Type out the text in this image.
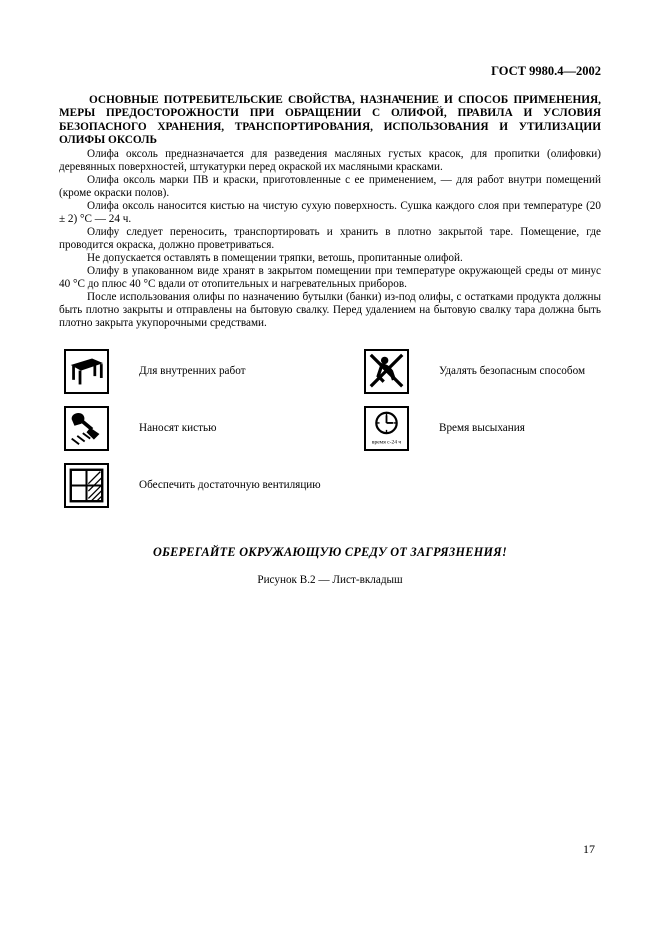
ГОСТ 9980.4—2002

ОСНОВНЫЕ ПОТРЕБИТЕЛЬСКИЕ СВОЙСТВА, НАЗНАЧЕНИЕ И СПОСОБ ПРИМЕНЕНИЯ, МЕРЫ ПРЕДОСТОРОЖНОСТИ ПРИ ОБРАЩЕНИИ С ОЛИФОЙ, ПРАВИЛА И УСЛОВИЯ БЕЗОПАСНОГО ХРАНЕНИЯ, ТРАНСПОРТИРОВАНИЯ, ИСПОЛЬЗОВАНИЯ И УТИЛИЗАЦИИ ОЛИФЫ ОКСОЛЬ

Олифа оксоль предназначается для разведения масляных густых красок, для пропитки (олифовки) деревянных поверхностей, штукатурки перед окраской их масляными красками.

Олифа оксоль марки ПВ и краски, приготовленные с ее применением, — для работ внутри помещений (кроме окраски полов).

Олифа оксоль наносится кистью на чистую сухую поверхность. Сушка каждого слоя при температуре (20 ± 2) °С — 24 ч.

Олифу следует переносить, транспортировать и хранить в плотно закрытой таре. Помещение, где проводится окраска, должно проветриваться.

Не допускается оставлять в помещении тряпки, ветошь, пропитанные олифой.

Олифу в упакованном виде хранят в закрытом помещении при температуре окружающей среды от минус 40 °С до плюс 40 °С вдали от отопительных и нагревательных приборов.

После использования олифы по назначению бутылки (банки) из-под олифы, с остатками продукта должны быть плотно закрыты и отправлены на бытовую свалку. Перед удалением на бытовую свалку тара должна быть плотно закрыта укупорочными средствами.

Для внутренних работ	Удалять безопасным способом
Наносят кистью
время с-24 ч
Время высыхания
Обеспечить достаточную вентиляцию

ОБЕРЕГАЙТЕ ОКРУЖАЮЩУЮ СРЕДУ ОТ ЗАГРЯЗНЕНИЯ!

Рисунок В.2 — Лист-вкладыш

17
